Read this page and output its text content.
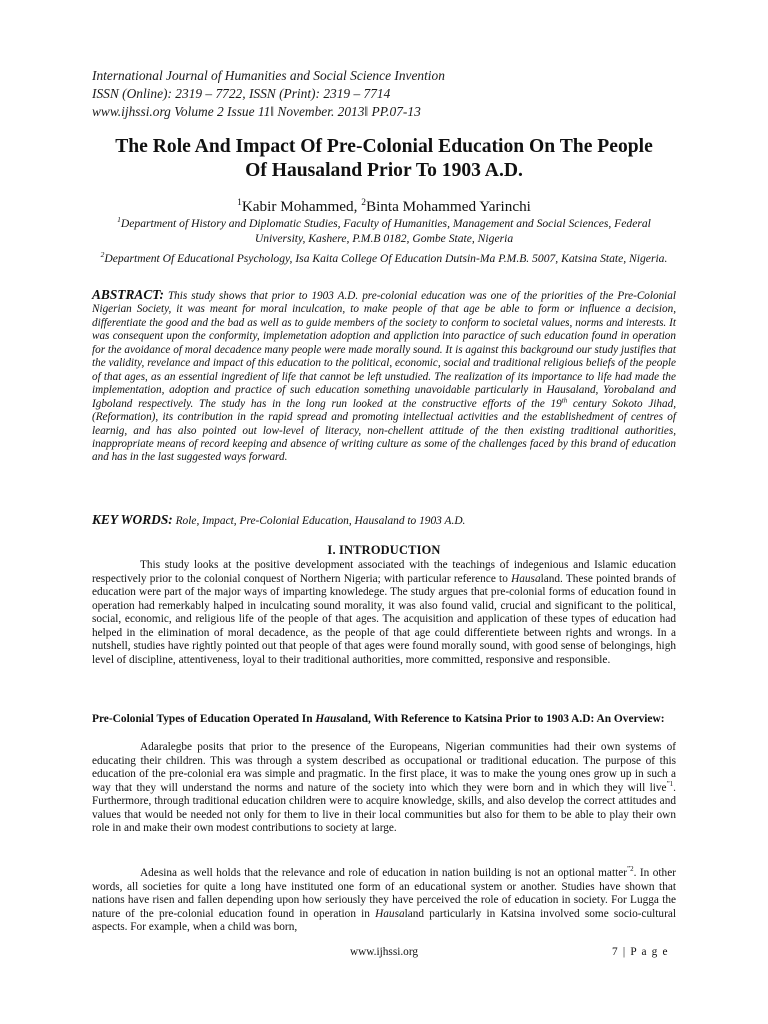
International Journal of Humanities and Social Science Invention
ISSN (Online): 2319 – 7722, ISSN (Print): 2319 – 7714
www.ijhssi.org Volume 2 Issue 11ǁ November. 2013ǁ PP.07-13
The Role And Impact Of Pre-Colonial Education On The People
Of Hausaland Prior To 1903 A.D.
$^1$Kabir Mohammed, $^2$Binta Mohammed Yarinchi
$^1$Department of History and Diplomatic Studies, Faculty of Humanities, Management and Social Sciences, Federal University, Kashere, P.M.B 0182, Gombe State, Nigeria
$^2$Department Of Educational Psychology, Isa Kaita College Of Education Dutsin-Ma P.M.B. 5007, Katsina State, Nigeria.
ABSTRACT: This study shows that prior to 1903 A.D. pre-colonial education was one of the priorities of the Pre-Colonial Nigerian Society, it was meant for moral inculcation, to make people of that age be able to form or influence a decision, differentiate the good and the bad as well as to guide members of the society to conform to societal values, norms and interests. It was consequent upon the conformity, implemetation adoption and appliction into paractice of such education found in operation for the avoidance of moral decadence many people were made morally sound. It is against this background our study justifies that the validity, revelance and impact of this education to the political, economic, social and traditional religious beliefs of the people of that ages, as an essential ingredient of life that cannot be left unstudied. The realization of its importance to life had made the implementation, adoption and practice of such education something unavoidable particularly in Hausaland, Yorobaland and Igboland respectively. The study has in the long run looked at the constructive efforts of the 19th century Sokoto Jihad, (Reformation), its contribution in the rapid spread and promoting intellectual activities and the establishedment of centres of learnig, and has also pointed out low-level of literacy, non-chellent attitude of the then existing traditional authorities, inappropriate means of record keeping and absence of writing culture as some of the challenges faced by this brand of education and has in the last suggested ways forward.
KEY WORDS: Role, Impact, Pre-Colonial Education, Hausaland to 1903 A.D.
I. INTRODUCTION
This study looks at the positive development associated with the teachings of indegenious and Islamic education respectively prior to the colonial conquest of Northern Nigeria; with particular reference to Hausaland. These pointed brands of education were part of the major ways of imparting knowledege. The study argues that pre-colonial forms of education found in operation had remerkably halped in inculcating sound morality, it was also found valid, crucial and significant to the political, social, economic, and religious life of the people of that ages. The acquisition and application of these types of education had helped in the elimination of moral decadence, as the people of that age could differentiete between rights and wrongs. In a nutshell, studies have rightly pointed out that people of that ages were found morally sound, with good sense of belongings, high level of discipline, attentiveness, loyal to their traditional authorities, more committed, responsive and responsible.
Pre-Colonial Types of Education Operated In Hausaland, With Reference to Katsina Prior to 1903 A.D: An Overview:
Adaralegbe posits that prior to the presence of the Europeans, Nigerian communities had their own systems of educating their children. This was through a system described as occupational or traditional education. The purpose of this education of the pre-colonial era was simple and pragmatic. In the first place, it was to make the young ones grow up in such a way that they will understand the norms and nature of the society into which they were born and in which they will live$^{”1}$. Furthermore, through traditional education children were to acquire knowledge, skills, and also develop the correct attitudes and values that would be needed not only for them to live in their local communities but also for them to be able to play their own role in and make their own modest contributions to society at large.
Adesina as well holds that the relevance and role of education in nation building is not an optional matter$^{”2}$. In other words, all societies for quite a long have instituted one form of an educational system or another. Studies have shown that nations have risen and fallen depending upon how seriously they have perceived the role of education in society. For Lugga the nature of the pre-colonial education found in operation in Hausaland particularly in Katsina involved some socio-cultural aspects. For example, when a child was born,
www.ijhssi.org	7 | P a g e
